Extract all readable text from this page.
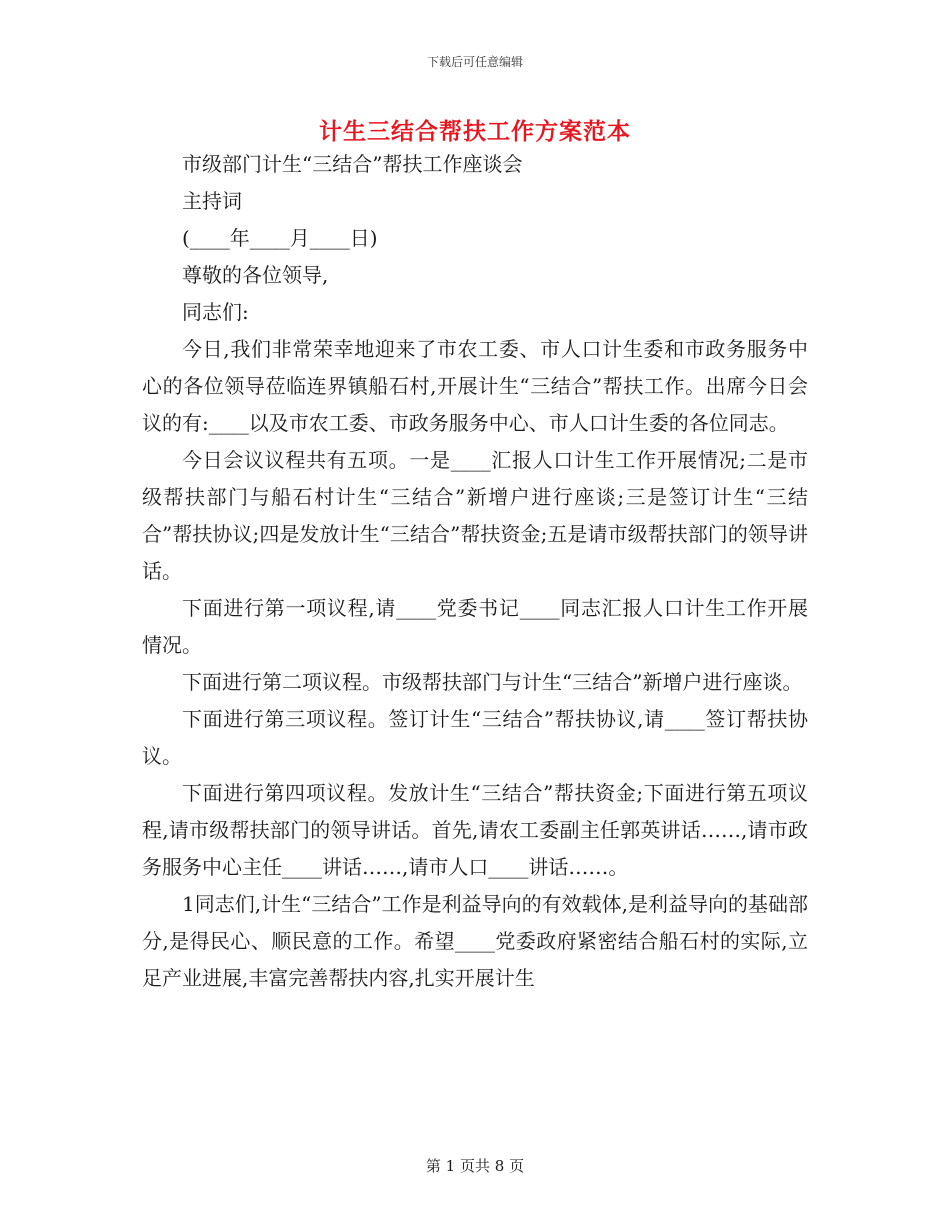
下载后可任意编辑
计生三结合帮扶工作方案范本

市级部门计生“三结合”帮扶工作座谈会

主持词

(____年____月____日)

尊敬的各位领导,

同志们:

今日,我们非常荣幸地迎来了市农工委、市人口计生委和市政务服务中心的各位领导莅临连界镇船石村,开展计生“三结合”帮扶工作。出席今日会议的有:____以及市农工委、市政务服务中心、市人口计生委的各位同志。

今日会议议程共有五项。一是____汇报人口计生工作开展情况;二是市级帮扶部门与船石村计生“三结合”新增户进行座谈;三是签订计生“三结合”帮扶协议;四是发放计生“三结合”帮扶资金;五是请市级帮扶部门的领导讲话。

下面进行第一项议程,请____党委书记____同志汇报人口计生工作开展情况。

下面进行第二项议程。市级帮扶部门与计生“三结合”新增户进行座谈。

下面进行第三项议程。签订计生“三结合”帮扶协议,请____签订帮扶协议。

下面进行第四项议程。发放计生“三结合”帮扶资金;下面进行第五项议程,请市级帮扶部门的领导讲话。首先,请农工委副主任郭英讲话……,请市政务服务中心主任____讲话……,请市人口____讲话……。

1同志们,计生“三结合”工作是利益导向的有效载体,是利益导向的基础部分,是得民心、顺民意的工作。希望____党委政府紧密结合船石村的实际,立足产业进展,丰富完善帮扶内容,扎实开展计生

第 1 页共 8 页
